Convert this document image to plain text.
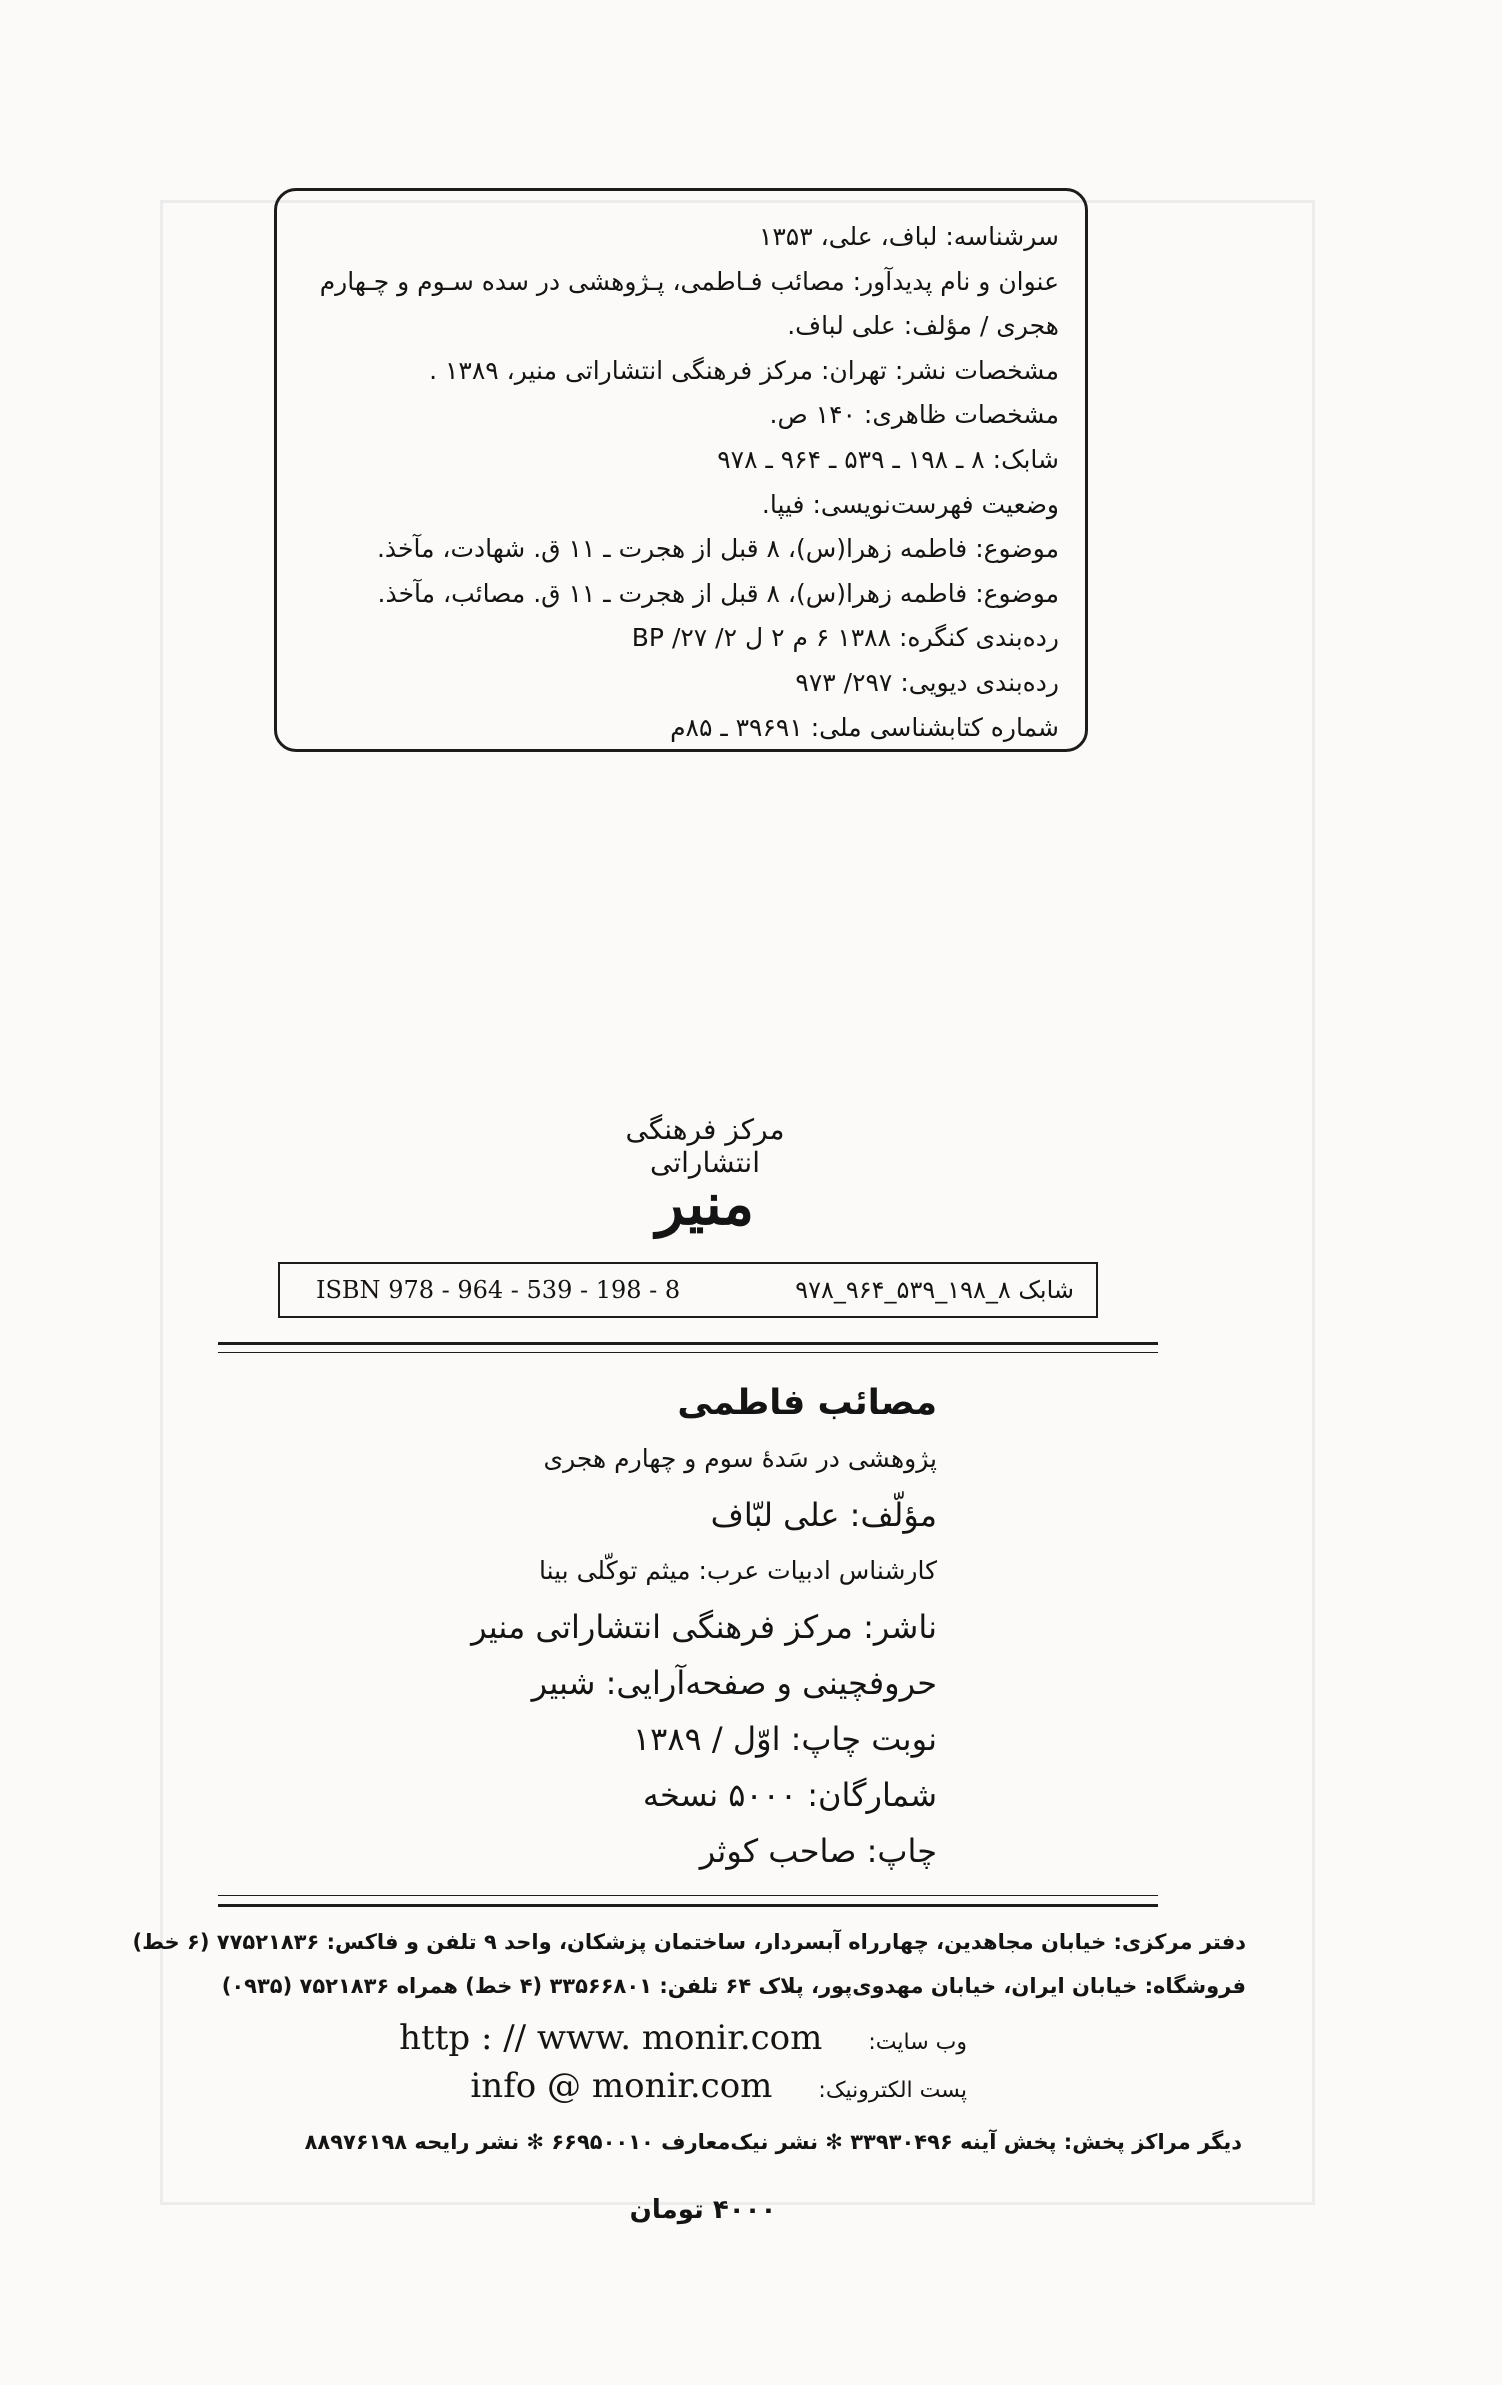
سرشناسه: لباف، علی، ۱۳۵۳
عنوان و نام پدیدآور: مصائب فـاطمی، پـژوهشی در سده سـوم و چـهارم
هجری / مؤلف: علی لباف.
مشخصات نشر: تهران: مرکز فرهنگی انتشاراتی منیر، ۱۳۸۹ .
مشخصات ظاهری: ۱۴۰ ص.
شابک: ۸ ـ ۱۹۸ ـ ۵۳۹ ـ ۹۶۴ ـ ۹۷۸
وضعیت فهرست‌نویسی: فیپا.
موضوع: فاطمه زهرا(س)، ۸ قبل از هجرت ـ ۱۱ ق. شهادت، مآخذ.
موضوع: فاطمه زهرا(س)، ۸ قبل از هجرت ـ ۱۱ ق. مصائب، مآخذ.
رده‌بندی کنگره: ۱۳۸۸ ۶ م ۲ ل ۲/ ۲۷/ BP
رده‌بندی دیویی: ۲۹۷/ ۹۷۳
شماره کتابشناسی ملی: ۳۹۶۹۱ ـ ۸۵م
مرکز فرهنگی انتشاراتی
منیر
ISBN 978 - 964 - 539 - 198 - 8	شابک ۸_۱۹۸_۵۳۹_۹۶۴_۹۷۸
مصائب فاطمی
پژوهشی در سَدهٔ سوم و چهارم هجری
مؤلّف: علی لبّاف
کارشناس ادبیات عرب: میثم توکّلی بینا
ناشر: مرکز فرهنگی انتشاراتی منیر
حروفچینی و صفحه‌آرایی: شبیر
نوبت چاپ: اوّل / ۱۳۸۹
شمارگان: ۵۰۰۰ نسخه
چاپ: صاحب کوثر
دفتر مرکزی: خیابان مجاهدین، چهارراه آبسردار، ساختمان پزشکان، واحد ۹ تلفن و فاکس: ۷۷۵۲۱۸۳۶ (۶ خط)
فروشگاه: خیابان ایران، خیابان مهدوی‌پور، پلاک ۶۴ تلفن: ۳۳۵۶۶۸۰۱ (۴ خط) همراه ۷۵۲۱۸۳۶ (۰۹۳۵)
وب سایت:
http : // www. monir.com
پست الکترونیک:
info @ monir.com
دیگر مراکز پخش: پخش آینه ۳۳۹۳۰۴۹۶ ✻ نشر نیک‌معارف ۶۶۹۵۰۰۱۰ ✻ نشر رایحه ۸۸۹۷۶۱۹۸
۴۰۰۰ تومان
